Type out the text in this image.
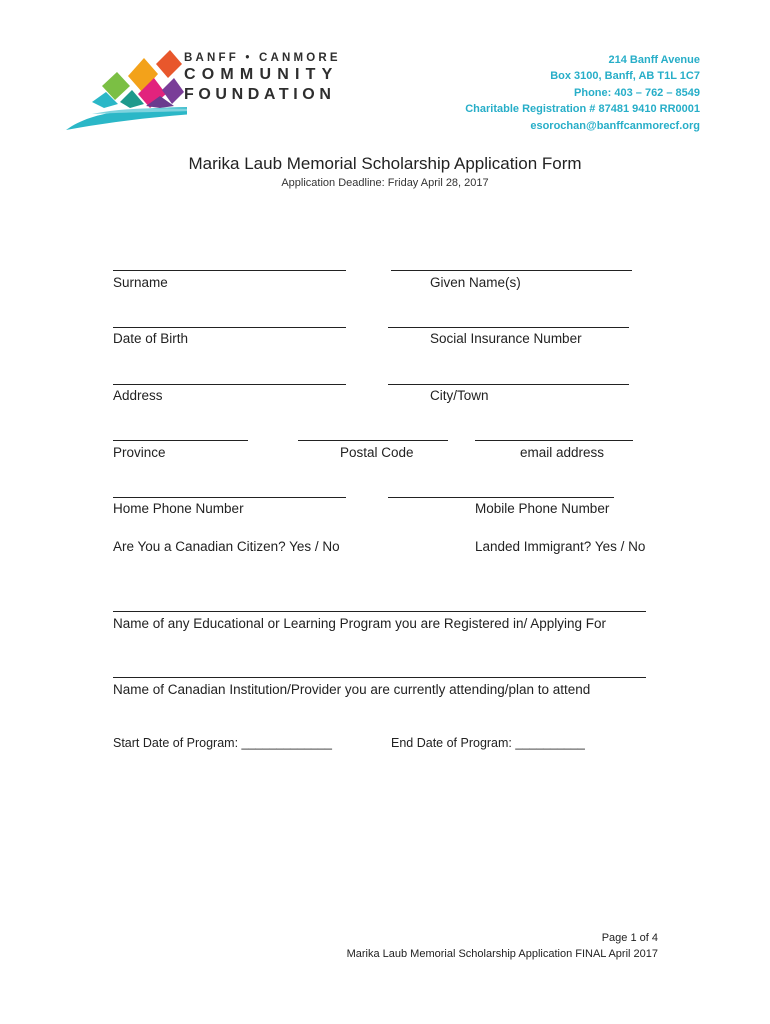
BANFF • CANMORE
COMMUNITY
FOUNDATION
214 Banff Avenue
Box 3100, Banff, AB T1L 1C7
Phone: 403 – 762 – 8549
Charitable Registration # 87481 9410 RR0001
esorochan@banffcanmorecf.org
Marika Laub Memorial Scholarship Application Form
Application Deadline: Friday April 28, 2017
Surname	Given Name(s)
Date of Birth	Social Insurance Number
Address	City/Town
Province	Postal Code	email address
Home Phone Number	Mobile Phone Number
Are You a Canadian Citizen? Yes / No	Landed Immigrant? Yes / No
Name of any Educational or Learning Program you are Registered in/ Applying For
Name of Canadian Institution/Provider you are currently attending/plan to attend
Start Date of Program: _____________	End Date of Program: __________
Page 1 of 4
Marika Laub Memorial Scholarship Application FINAL April 2017
